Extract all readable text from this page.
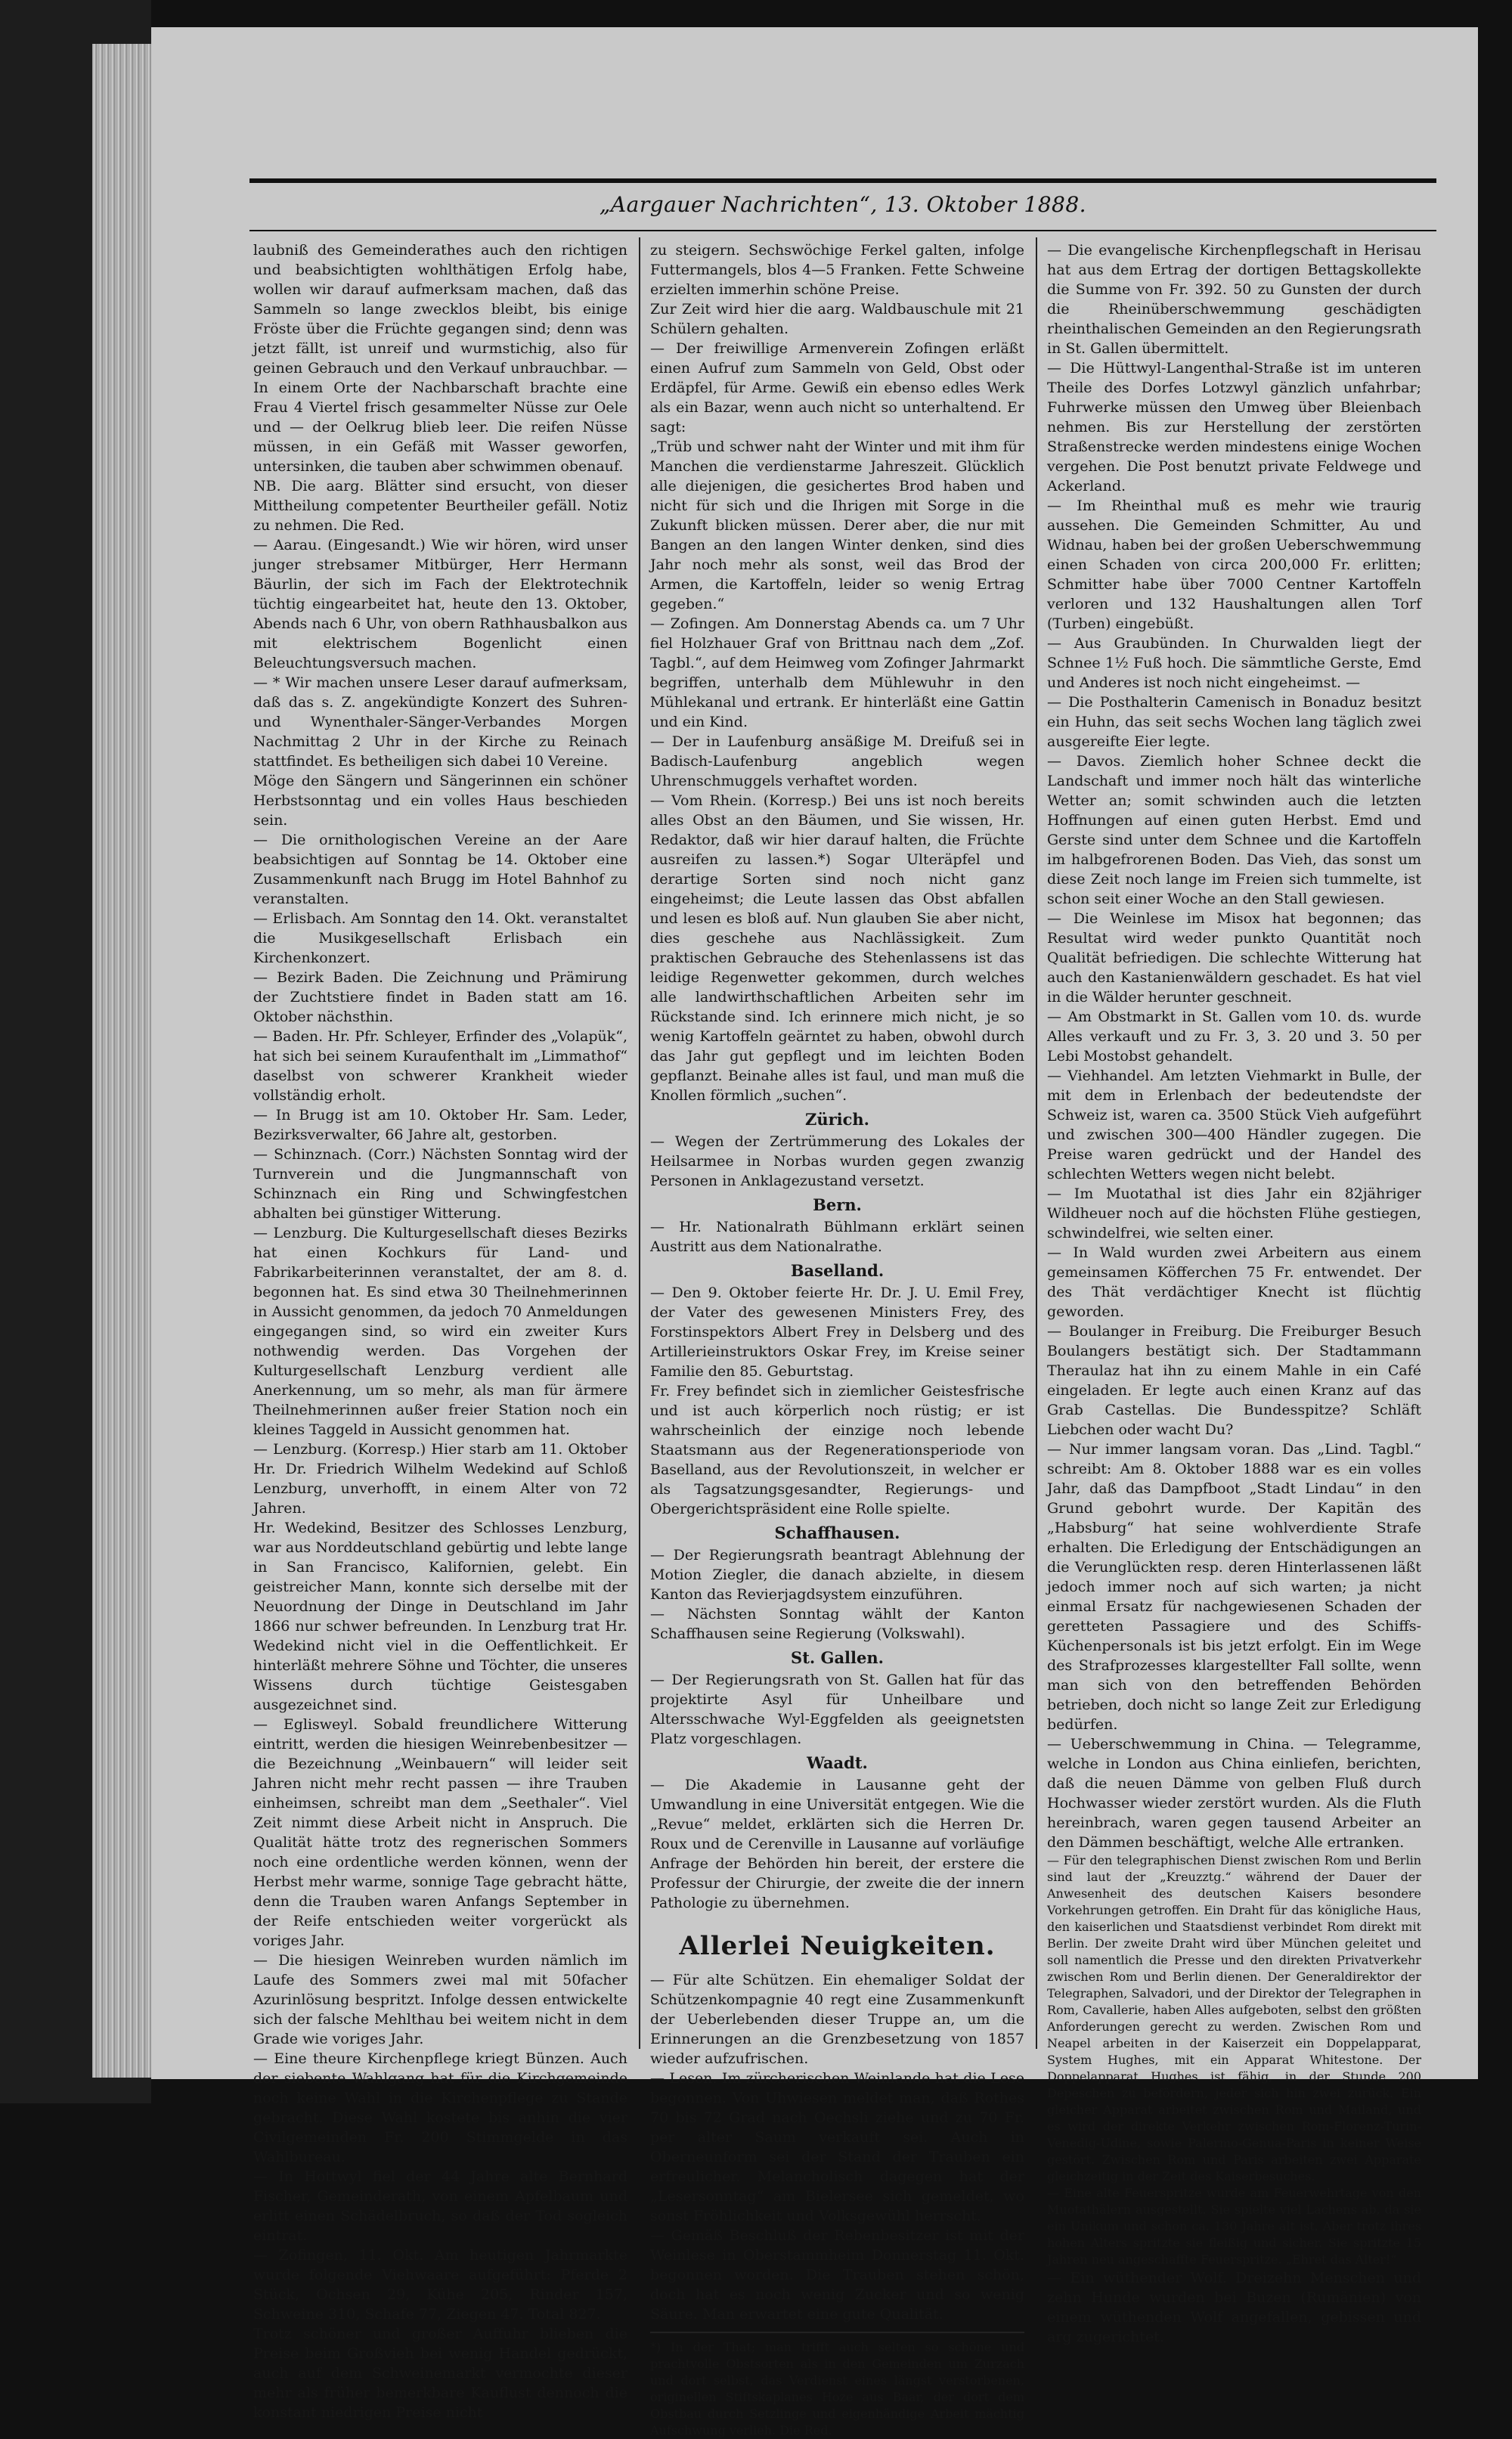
„Aargauer Nachrichten“, 13. Oktober 1888.

laubniß des Gemeinderathes auch den richtigen und beabsichtigten wohlthätigen Erfolg habe, wollen wir darauf aufmerksam machen, daß das Sammeln so lange zwecklos bleibt, bis einige Fröste über die Früchte gegangen sind; denn was jetzt fällt, ist unreif und wurmstichig, also für geinen Gebrauch und den Verkauf unbrauchbar. — In einem Orte der Nachbarschaft brachte eine Frau 4 Viertel frisch gesammelter Nüsse zur Oele und — der Oelkrug blieb leer. Die reifen Nüsse müssen, in ein Gefäß mit Wasser geworfen, untersinken, die tauben aber schwimmen obenauf.

NB. Die aarg. Blätter sind ersucht, von dieser Mittheilung competenter Beurtheiler gefäll. Notiz zu nehmen. Die Red.

— Aarau. (Eingesandt.) Wie wir hören, wird unser junger strebsamer Mitbürger, Herr Hermann Bäurlin, der sich im Fach der Elektrotechnik tüchtig eingearbeitet hat, heute den 13. Oktober, Abends nach 6 Uhr, von obern Rathhausbalkon aus mit elektrischem Bogenlicht einen Beleuchtungsversuch machen.

— * Wir machen unsere Leser darauf aufmerksam, daß das s. Z. angekündigte Konzert des Suhren- und Wynenthaler-Sänger-Verbandes Morgen Nachmittag 2 Uhr in der Kirche zu Reinach stattfindet. Es betheiligen sich dabei 10 Vereine.

Möge den Sängern und Sängerinnen ein schöner Herbstsonntag und ein volles Haus beschieden sein.

— Die ornithologischen Vereine an der Aare beabsichtigen auf Sonntag be 14. Oktober eine Zusammenkunft nach Brugg im Hotel Bahnhof zu veranstalten.

— Erlisbach. Am Sonntag den 14. Okt. veranstaltet die Musikgesellschaft Erlisbach ein Kirchenkonzert.

— Bezirk Baden. Die Zeichnung und Prämirung der Zuchtstiere findet in Baden statt am 16. Oktober nächsthin.

— Baden. Hr. Pfr. Schleyer, Erfinder des „Volapük“, hat sich bei seinem Kuraufenthalt im „Limmathof“ daselbst von schwerer Krankheit wieder vollständig erholt.

— In Brugg ist am 10. Oktober Hr. Sam. Leder, Bezirksverwalter, 66 Jahre alt, gestorben.

— Schinznach. (Corr.) Nächsten Sonntag wird der Turnverein und die Jungmannschaft von Schinznach ein Ring und Schwingfestchen abhalten bei günstiger Witterung.

— Lenzburg. Die Kulturgesellschaft dieses Bezirks hat einen Kochkurs für Land- und Fabrikarbeiterinnen veranstaltet, der am 8. d. begonnen hat. Es sind etwa 30 Theilnehmerinnen in Aussicht genommen, da jedoch 70 Anmeldungen eingegangen sind, so wird ein zweiter Kurs nothwendig werden. Das Vorgehen der Kulturgesellschaft Lenzburg verdient alle Anerkennung, um so mehr, als man für ärmere Theilnehmerinnen außer freier Station noch ein kleines Taggeld in Aussicht genommen hat.

— Lenzburg. (Korresp.) Hier starb am 11. Oktober Hr. Dr. Friedrich Wilhelm Wedekind auf Schloß Lenzburg, unverhofft, in einem Alter von 72 Jahren.

Hr. Wedekind, Besitzer des Schlosses Lenzburg, war aus Norddeutschland gebürtig und lebte lange in San Francisco, Kalifornien, gelebt. Ein geistreicher Mann, konnte sich derselbe mit der Neuordnung der Dinge in Deutschland im Jahr 1866 nur schwer befreunden. In Lenzburg trat Hr. Wedekind nicht viel in die Oeffentlichkeit. Er hinterläßt mehrere Söhne und Töchter, die unseres Wissens durch tüchtige Geistesgaben ausgezeichnet sind.

— Eglisweyl. Sobald freundlichere Witterung eintritt, werden die hiesigen Weinrebenbesitzer — die Bezeichnung „Weinbauern“ will leider seit Jahren nicht mehr recht passen — ihre Trauben einheimsen, schreibt man dem „Seethaler“. Viel Zeit nimmt diese Arbeit nicht in Anspruch. Die Qualität hätte trotz des regnerischen Sommers noch eine ordentliche werden können, wenn der Herbst mehr warme, sonnige Tage gebracht hätte, denn die Trauben waren Anfangs September in der Reife entschieden weiter vorgerückt als voriges Jahr.

— Die hiesigen Weinreben wurden nämlich im Laufe des Sommers zwei mal mit 50facher Azurinlösung bespritzt. Infolge dessen entwickelte sich der falsche Mehlthau bei weitem nicht in dem Grade wie voriges Jahr.

— Eine theure Kirchenpflege kriegt Bünzen. Auch der siebente Wahlgang hat für die Kirchgemeinde noch keine Wahl in die Kirchenpflege zu Stande gebracht. Diese Wahl kostete bis anhin die vier Civilgemeinden Fr. 200 Stimmgelde in das Wahlbureau.

— In Hottwyl fiel der 44 Jahre alte Bernhard Fischer, Gemeinderath, von einem Apfelbaum und erlitt einen Schädelbruch, so daß der Tod sogleich eintrat.

— Zofingen, 11. Okt. Am heutigen Jahrmarkte wurde folgende Viehwaare aufgeführt: Pferde 2 Stück, Ochsen 29, Kühe 205, Rinder 157, Schweine 310, Schafe 77, Ziegen 47. Total 827.

Trotz schöner und großer Auffuhr blieben die Preise beim Großvieh bei wenig Handel gedrückt, auch auf dem Schweinemarkt vermochte dieser mehr als früher bemerkbare Kauflust dennoch die konstant niedrigen Preise nicht

zu steigern. Sechswöchige Ferkel galten, infolge Futtermangels, blos 4—5 Franken. Fette Schweine erzielten immerhin schöne Preise.

Zur Zeit wird hier die aarg. Waldbauschule mit 21 Schülern gehalten.

— Der freiwillige Armenverein Zofingen erläßt einen Aufruf zum Sammeln von Geld, Obst oder Erdäpfel, für Arme. Gewiß ein ebenso edles Werk als ein Bazar, wenn auch nicht so unterhaltend. Er sagt:

„Trüb und schwer naht der Winter und mit ihm für Manchen die verdienstarme Jahreszeit. Glücklich alle diejenigen, die gesichertes Brod haben und nicht für sich und die Ihrigen mit Sorge in die Zukunft blicken müssen. Derer aber, die nur mit Bangen an den langen Winter denken, sind dies Jahr noch mehr als sonst, weil das Brod der Armen, die Kartoffeln, leider so wenig Ertrag gegeben.“

— Zofingen. Am Donnerstag Abends ca. um 7 Uhr fiel Holzhauer Graf von Brittnau nach dem „Zof. Tagbl.“, auf dem Heimweg vom Zofinger Jahrmarkt begriffen, unterhalb dem Mühlewuhr in den Mühlekanal und ertrank. Er hinterläßt eine Gattin und ein Kind.

— Der in Laufenburg ansäßige M. Dreifuß sei in Badisch-Laufenburg angeblich wegen Uhrenschmuggels verhaftet worden.

— Vom Rhein. (Korresp.) Bei uns ist noch bereits alles Obst an den Bäumen, und Sie wissen, Hr. Redaktor, daß wir hier darauf halten, die Früchte ausreifen zu lassen.*) Sogar Ulteräpfel und derartige Sorten sind noch nicht ganz eingeheimst; die Leute lassen das Obst abfallen und lesen es bloß auf. Nun glauben Sie aber nicht, dies geschehe aus Nachlässigkeit. Zum praktischen Gebrauche des Stehenlassens ist das leidige Regenwetter gekommen, durch welches alle landwirthschaftlichen Arbeiten sehr im Rückstande sind. Ich erinnere mich nicht, je so wenig Kartoffeln geärntet zu haben, obwohl durch das Jahr gut gepflegt und im leichten Boden gepflanzt. Beinahe alles ist faul, und man muß die Knollen förmlich „suchen“.

Zürich.

— Wegen der Zertrümmerung des Lokales der Heilsarmee in Norbas wurden gegen zwanzig Personen in Anklagezustand versetzt.

Bern.

— Hr. Nationalrath Bühlmann erklärt seinen Austritt aus dem Nationalrathe.

Baselland.

— Den 9. Oktober feierte Hr. Dr. J. U. Emil Frey, der Vater des gewesenen Ministers Frey, des Forstinspektors Albert Frey in Delsberg und des Artillerieinstruktors Oskar Frey, im Kreise seiner Familie den 85. Geburtstag.

Fr. Frey befindet sich in ziemlicher Geistesfrische und ist auch körperlich noch rüstig; er ist wahrscheinlich der einzige noch lebende Staatsmann aus der Regenerationsperiode von Baselland, aus der Revolutionszeit, in welcher er als Tagsatzungsgesandter, Regierungs- und Obergerichtspräsident eine Rolle spielte.

Schaffhausen.

— Der Regierungsrath beantragt Ablehnung der Motion Ziegler, die danach abzielte, in diesem Kanton das Revierjagdsystem einzuführen.

— Nächsten Sonntag wählt der Kanton Schaffhausen seine Regierung (Volkswahl).

St. Gallen.

— Der Regierungsrath von St. Gallen hat für das projektirte Asyl für Unheilbare und Altersschwache Wyl-Eggfelden als geeignetsten Platz vorgeschlagen.

Waadt.

— Die Akademie in Lausanne geht der Umwandlung in eine Universität entgegen. Wie die „Revue“ meldet, erklärten sich die Herren Dr. Roux und de Cerenville in Lausanne auf vorläufige Anfrage der Behörden hin bereit, der erstere die Professur der Chirurgie, der zweite die der innern Pathologie zu übernehmen.

Allerlei Neuigkeiten.

— Für alte Schützen. Ein ehemaliger Soldat der Schützenkompagnie 40 regt eine Zusammenkunft der Ueberlebenden dieser Truppe an, um die Erinnerungen an die Grenzbesetzung von 1857 wieder aufzufrischen.

— Lesen. Im zürcherischen Weinlande hat die Lese begonnen. Von Uhwiesen meldet man, daß Rothes 70 bis 72 Grad nach Oechsli ziehe und zu 70 Fr. per alter Saum verkauft sei. Auch in Oberneunform sei der Stand der Trauben ein erfreulicher. Melancholisch dagegen hat der „Lesersonntag“ am Bielersee sich gemeldet, wo sonst Fröhlichkeit und Volksgewühl herrscht.

— Gemäß Beschluß der Rebenbesitzer ist mit der Weinlese in Oberstammheim Donnerstag 11. Okt. begonnen worden. Die Trauben stehen schön, doch hat es noch wenig Zucker und so wenig Säure. Man erwartet eine gute Qualität.

*) In der That; man trifft auch selten so schöne und prachtvolle Obstsorten als in den Gemeinden um Zurzach und dort selbst, das Verdienst eines längst verstorbenen, originellen Stiftskaplanes Hoze aus Baar, der dort dem Obstbau durch Setzlinge und eigenhändige Arbeit mächtig Aufschwung verlieh. Die Red.

— Die evangelische Kirchenpflegschaft in Herisau hat aus dem Ertrag der dortigen Bettagskollekte die Summe von Fr. 392. 50 zu Gunsten der durch die Rheinüberschwemmung geschädigten rheinthalischen Gemeinden an den Regierungsrath in St. Gallen übermittelt.

— Die Hüttwyl-Langenthal-Straße ist im unteren Theile des Dorfes Lotzwyl gänzlich unfahrbar; Fuhrwerke müssen den Umweg über Bleienbach nehmen. Bis zur Herstellung der zerstörten Straßenstrecke werden mindestens einige Wochen vergehen. Die Post benutzt private Feldwege und Ackerland.

— Im Rheinthal muß es mehr wie traurig aussehen. Die Gemeinden Schmitter, Au und Widnau, haben bei der großen Ueberschwemmung einen Schaden von circa 200,000 Fr. erlitten; Schmitter habe über 7000 Centner Kartoffeln verloren und 132 Haushaltungen allen Torf (Turben) eingebüßt.

— Aus Graubünden. In Churwalden liegt der Schnee 1½ Fuß hoch. Die sämmtliche Gerste, Emd und Anderes ist noch nicht eingeheimst. —

— Die Posthalterin Camenisch in Bonaduz besitzt ein Huhn, das seit sechs Wochen lang täglich zwei ausgereifte Eier legte.

— Davos. Ziemlich hoher Schnee deckt die Landschaft und immer noch hält das winterliche Wetter an; somit schwinden auch die letzten Hoffnungen auf einen guten Herbst. Emd und Gerste sind unter dem Schnee und die Kartoffeln im halbgefrorenen Boden. Das Vieh, das sonst um diese Zeit noch lange im Freien sich tummelte, ist schon seit einer Woche an den Stall gewiesen.

— Die Weinlese im Misox hat begonnen; das Resultat wird weder punkto Quantität noch Qualität befriedigen. Die schlechte Witterung hat auch den Kastanienwäldern geschadet. Es hat viel in die Wälder herunter geschneit.

— Am Obstmarkt in St. Gallen vom 10. ds. wurde Alles verkauft und zu Fr. 3, 3. 20 und 3. 50 per Lebi Mostobst gehandelt.

— Viehhandel. Am letzten Viehmarkt in Bulle, der mit dem in Erlenbach der bedeutendste der Schweiz ist, waren ca. 3500 Stück Vieh aufgeführt und zwischen 300—400 Händler zugegen. Die Preise waren gedrückt und der Handel des schlechten Wetters wegen nicht belebt.

— Im Muotathal ist dies Jahr ein 82jähriger Wildheuer noch auf die höchsten Flühe gestiegen, schwindelfrei, wie selten einer.

— In Wald wurden zwei Arbeitern aus einem gemeinsamen Köfferchen 75 Fr. entwendet. Der des Thät verdächtiger Knecht ist flüchtig geworden.

— Boulanger in Freiburg. Die Freiburger Besuch Boulangers bestätigt sich. Der Stadtammann Theraulaz hat ihn zu einem Mahle in ein Café eingeladen. Er legte auch einen Kranz auf das Grab Castellas. Die Bundesspitze? Schläft Liebchen oder wacht Du?

— Nur immer langsam voran. Das „Lind. Tagbl.“ schreibt: Am 8. Oktober 1888 war es ein volles Jahr, daß das Dampfboot „Stadt Lindau“ in den Grund gebohrt wurde. Der Kapitän des „Habsburg“ hat seine wohlverdiente Strafe erhalten. Die Erledigung der Entschädigungen an die Verunglückten resp. deren Hinterlassenen läßt jedoch immer noch auf sich warten; ja nicht einmal Ersatz für nachgewiesenen Schaden der geretteten Passagiere und des Schiffs-Küchenpersonals ist bis jetzt erfolgt. Ein im Wege des Strafprozesses klargestellter Fall sollte, wenn man sich von den betreffenden Behörden betrieben, doch nicht so lange Zeit zur Erledigung bedürfen.

— Ueberschwemmung in China. — Telegramme, welche in London aus China einliefen, berichten, daß die neuen Dämme von gelben Fluß durch Hochwasser wieder zerstört wurden. Als die Fluth hereinbrach, waren gegen tausend Arbeiter an den Dämmen beschäftigt, welche Alle ertranken.

— Für den telegraphischen Dienst zwischen Rom und Berlin sind laut der „Kreuzztg.“ während der Dauer der Anwesenheit des deutschen Kaisers besondere Vorkehrungen getroffen. Ein Draht für das königliche Haus, den kaiserlichen und Staatsdienst verbindet Rom direkt mit Berlin. Der zweite Draht wird über München geleitet und soll namentlich die Presse und den direkten Privatverkehr zwischen Rom und Berlin dienen. Der Generaldirektor der Telegraphen, Salvadori, und der Direktor der Telegraphen in Rom, Cavallerie, haben Alles aufgeboten, selbst den größten Anforderungen gerecht zu werden. Zwischen Rom und Neapel arbeiten in der Kaiserzeit ein Doppelapparat, System Hughes, mit ein Apparat Whitestone. Der Doppelapparat Hughes ist fähig, in der Stunde 200 Depeschen zu befördern, jeder sich hin zwei zurück. Ein gleicher Apparat arbeitet zwischen Rom und Mailand, und es wird der direkte Verkehr zwischen Rom-Florenz-Turin-Venedig-Udine, sowie Palermo-Genua-Paris in keiner Weise gestört. Zwischen Rom und Paris arbeiten zwei Apparate gleichzeitig in der Zeit des Kaiserbesuches.

— Eine alte Feuerspritze wurde am Feuerwehrtage von den Muotathälern ausgestellt. Sie spielte viel Lachens ab, da sie ein Unikum und schon ca. 130 Jahre alt ist. Aber trotz ihres hohen Alters spritzte sie fleißig und sicher. Sie spritzte 15 Jahren neu angeschaffte Feuerspritze. „Ehret das Alter!“

— Ein wüthender Wolf. Dreizehn Menschen und zehn Hunde wurden bei Buzen (Rumänien) von einem wüthenden Wolf angefallen, gebissen und arg zugerichtet.
